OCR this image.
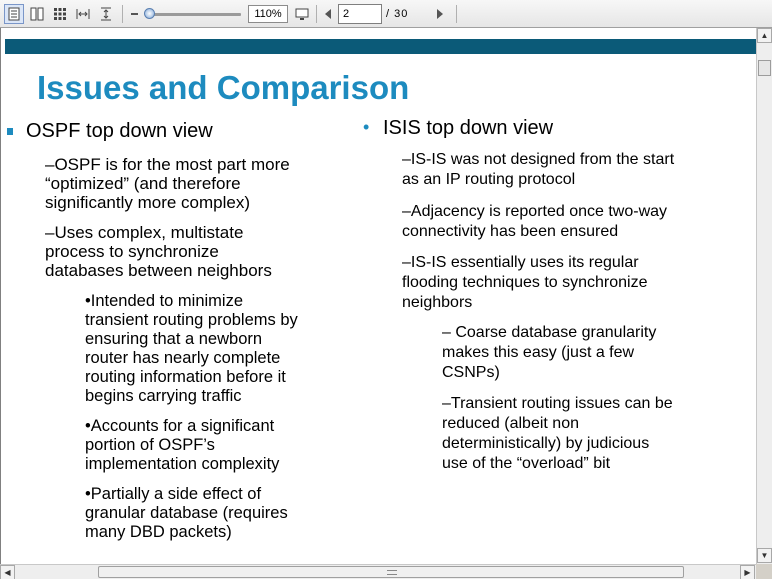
110%	2	/ 30
Issues and Comparison
OSPF top down view
–OSPF is for the most part more
“optimized” (and therefore
significantly more complex)
–Uses complex, multistate
process to synchronize
databases between neighbors
•Intended to minimize
transient routing problems by
ensuring that a newborn
router has nearly complete
routing information before it
begins carrying traffic
•Accounts for a significant
portion of OSPF’s
implementation complexity
•Partially a side effect of
granular database (requires
many DBD packets)
• ISIS top down view
–IS-IS was not designed from the start
as an IP routing protocol
–Adjacency is reported once two-way
connectivity has been ensured
–IS-IS essentially uses its regular
flooding techniques to synchronize
neighbors
– Coarse database granularity
makes this easy (just a few
CSNPs)
–Transient routing issues can be
reduced (albeit non
deterministically) by judicious
use of the “overload” bit
▲
▼
◀	▶
